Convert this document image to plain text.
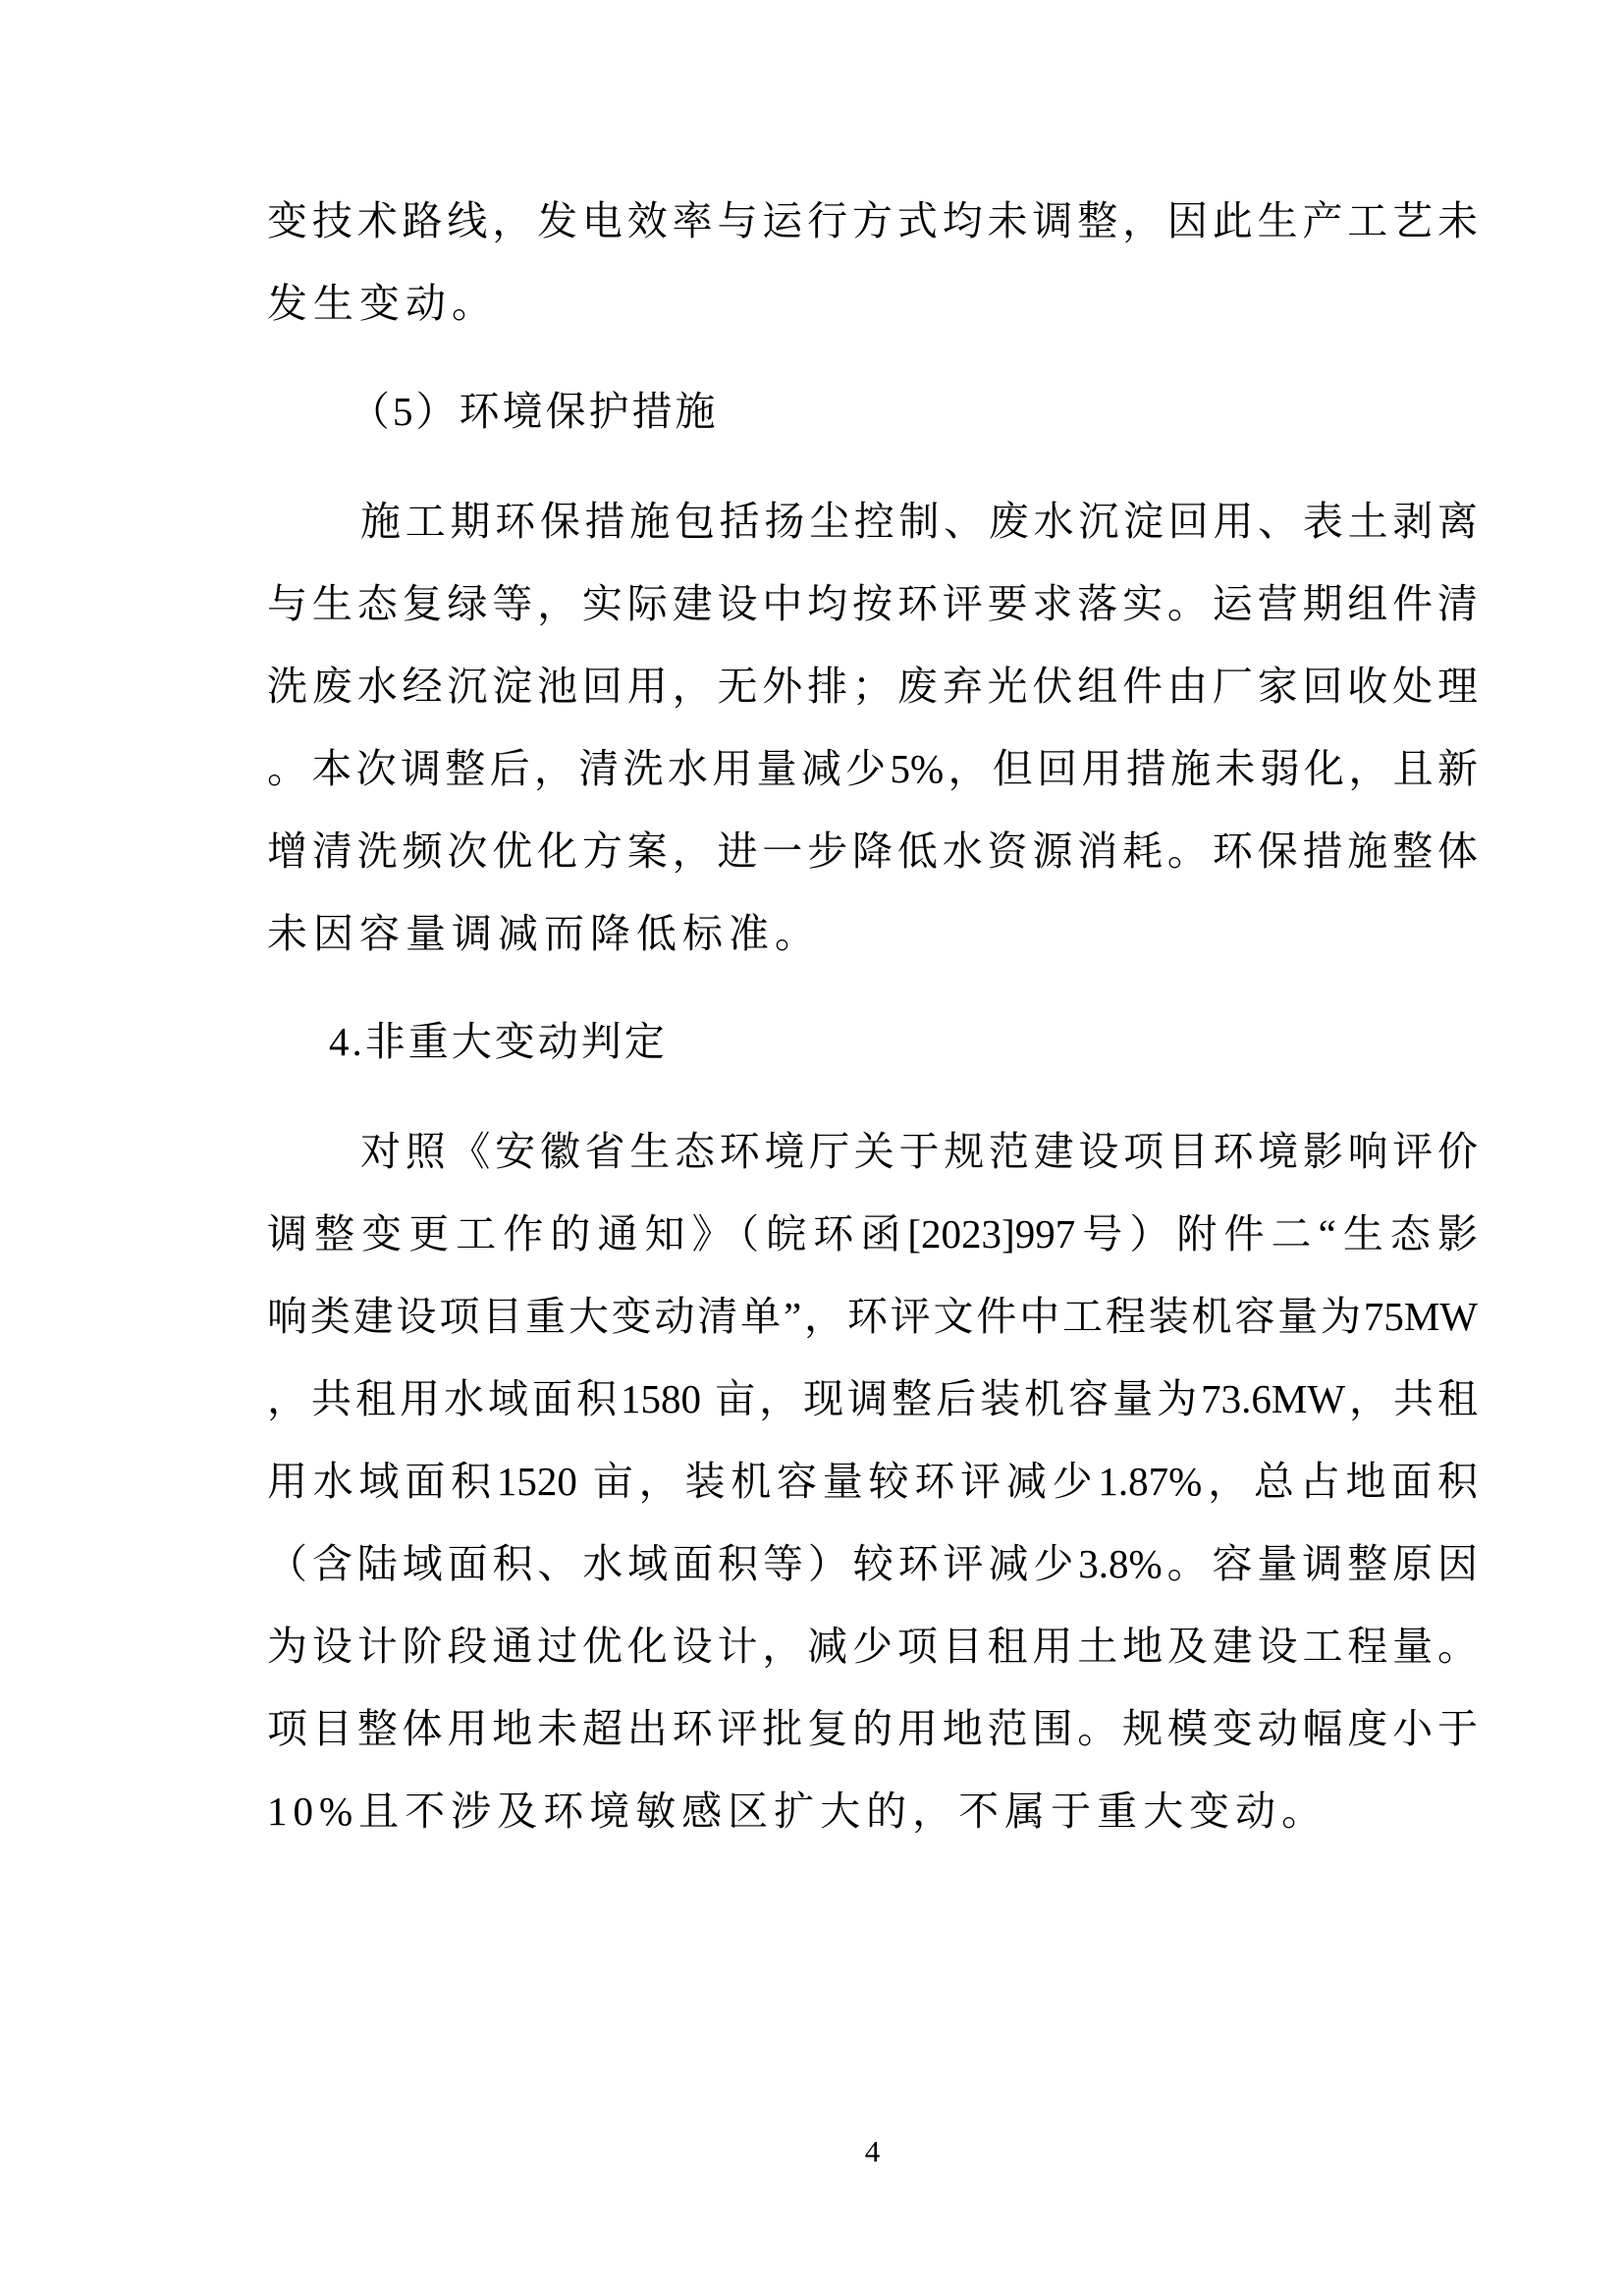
变技术路线，发电效率与运行方式均未调整，因此生产工艺未
发生变动。
（5）环境保护措施
施工期环保措施包括扬尘控制、废水沉淀回用、表土剥离
与生态复绿等，实际建设中均按环评要求落实。运营期组件清
洗废水经沉淀池回用，无外排；废弃光伏组件由厂家回收处理
。本次调整后，清洗水用量减少5%，但回用措施未弱化，且新
增清洗频次优化方案，进一步降低水资源消耗。环保措施整体
未因容量调减而降低标准。
4.非重大变动判定
对照《安徽省生态环境厅关于规范建设项目环境影响评价
调整变更工作的通知》（皖环函[2023]997号）附件二“生态影
响类建设项目重大变动清单”，环评文件中工程装机容量为75MW
，共租用水域面积1580 亩，现调整后装机容量为73.6MW，共租
用水域面积1520 亩，装机容量较环评减少1.87%，总占地面积
（含陆域面积、水域面积等）较环评减少3.8%。容量调整原因
为设计阶段通过优化设计，减少项目租用土地及建设工程量。
项目整体用地未超出环评批复的用地范围。规模变动幅度小于
10%且不涉及环境敏感区扩大的，不属于重大变动。
4
